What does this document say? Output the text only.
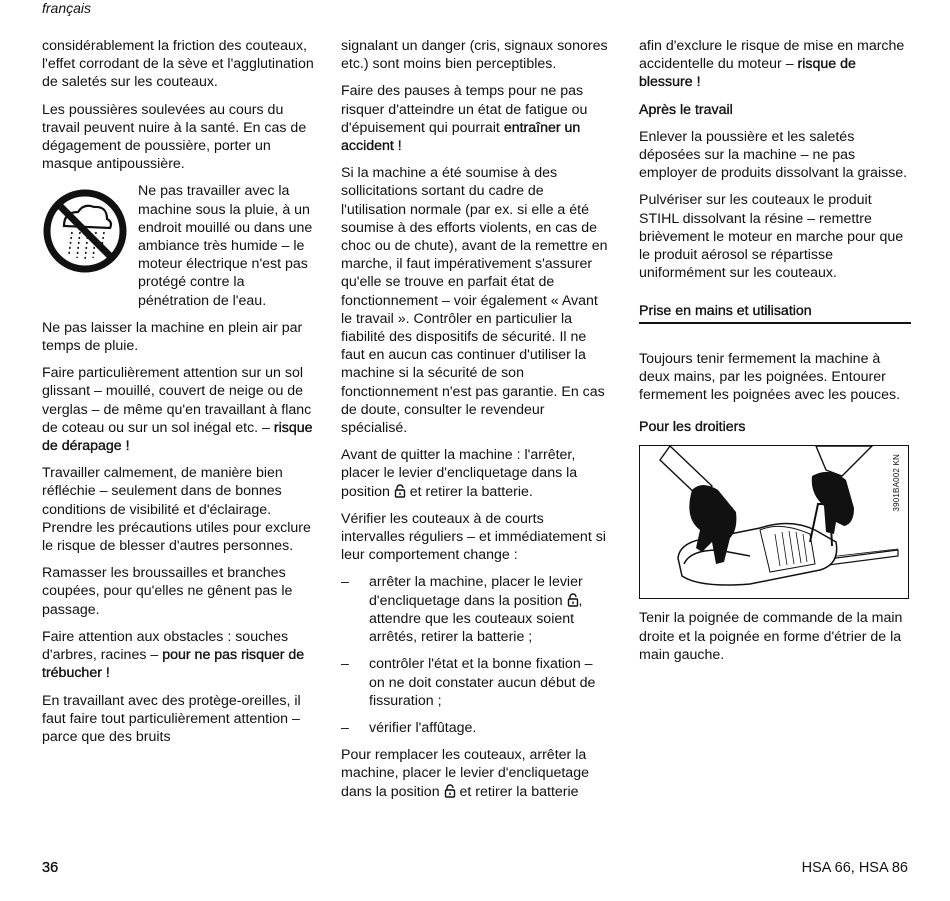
français

considérablement la friction des couteaux, l'effet corrodant de la sève et l'agglutination de saletés sur les couteaux.

Les poussières soulevées au cours du travail peuvent nuire à la santé. En cas de dégagement de poussière, porter un masque antipoussière.

Ne pas travailler avec la machine sous la pluie, à un endroit mouillé ou dans une ambiance très humide – le moteur électrique n'est pas protégé contre la pénétration de l'eau.

Ne pas laisser la machine en plein air par temps de pluie.

Faire particulièrement attention sur un sol glissant – mouillé, couvert de neige ou de verglas – de même qu'en travaillant à flanc de coteau ou sur un sol inégal etc. – risque de dérapage !

Travailler calmement, de manière bien réfléchie – seulement dans de bonnes conditions de visibilité et d'éclairage. Prendre les précautions utiles pour exclure le risque de blesser d'autres personnes.

Ramasser les broussailles et branches coupées, pour qu'elles ne gênent pas le passage.

Faire attention aux obstacles : souches d'arbres, racines – pour ne pas risquer de trébucher !

En travaillant avec des protège-oreilles, il faut faire tout particulièrement attention – parce que des bruits

signalant un danger (cris, signaux sonores etc.) sont moins bien perceptibles.

Faire des pauses à temps pour ne pas risquer d'atteindre un état de fatigue ou d'épuisement qui pourrait entraîner un accident !

Si la machine a été soumise à des sollicitations sortant du cadre de l'utilisation normale (par ex. si elle a été soumise à des efforts violents, en cas de choc ou de chute), avant de la remettre en marche, il faut impérativement s'assurer qu'elle se trouve en parfait état de fonctionnement – voir également « Avant le travail ». Contrôler en particulier la fiabilité des dispositifs de sécurité. Il ne faut en aucun cas continuer d'utiliser la machine si la sécurité de son fonctionnement n'est pas garantie. En cas de doute, consulter le revendeur spécialisé.

Avant de quitter la machine : l'arrêter, placer le levier d'encliquetage dans la position  et retirer la batterie.

Vérifier les couteaux à de courts intervalles réguliers – et immédiatement si leur comportement change :

–	arrêter la machine, placer le levier d'encliquetage dans la position , attendre que les couteaux soient arrêtés, retirer la batterie ;
–	contrôler l'état et la bonne fixation – on ne doit constater aucun début de fissuration ;
–	vérifier l'affûtage.

Pour remplacer les couteaux, arrêter la machine, placer le levier d'encliquetage dans la position  et retirer la batterie

afin d'exclure le risque de mise en marche accidentelle du moteur – risque de blessure !

Après le travail

Enlever la poussière et les saletés déposées sur la machine – ne pas employer de produits dissolvant la graisse.

Pulvériser sur les couteaux le produit STIHL dissolvant la résine – remettre brièvement le moteur en marche pour que le produit aérosol se répartisse uniformément sur les couteaux.

Prise en mains et utilisation

Toujours tenir fermement la machine à deux mains, par les poignées. Entourer fermement les poignées avec les pouces.

Pour les droitiers
3901BA002 KN

Tenir la poignée de commande de la main droite et la poignée en forme d'étrier de la main gauche.

36	HSA 66, HSA 86
